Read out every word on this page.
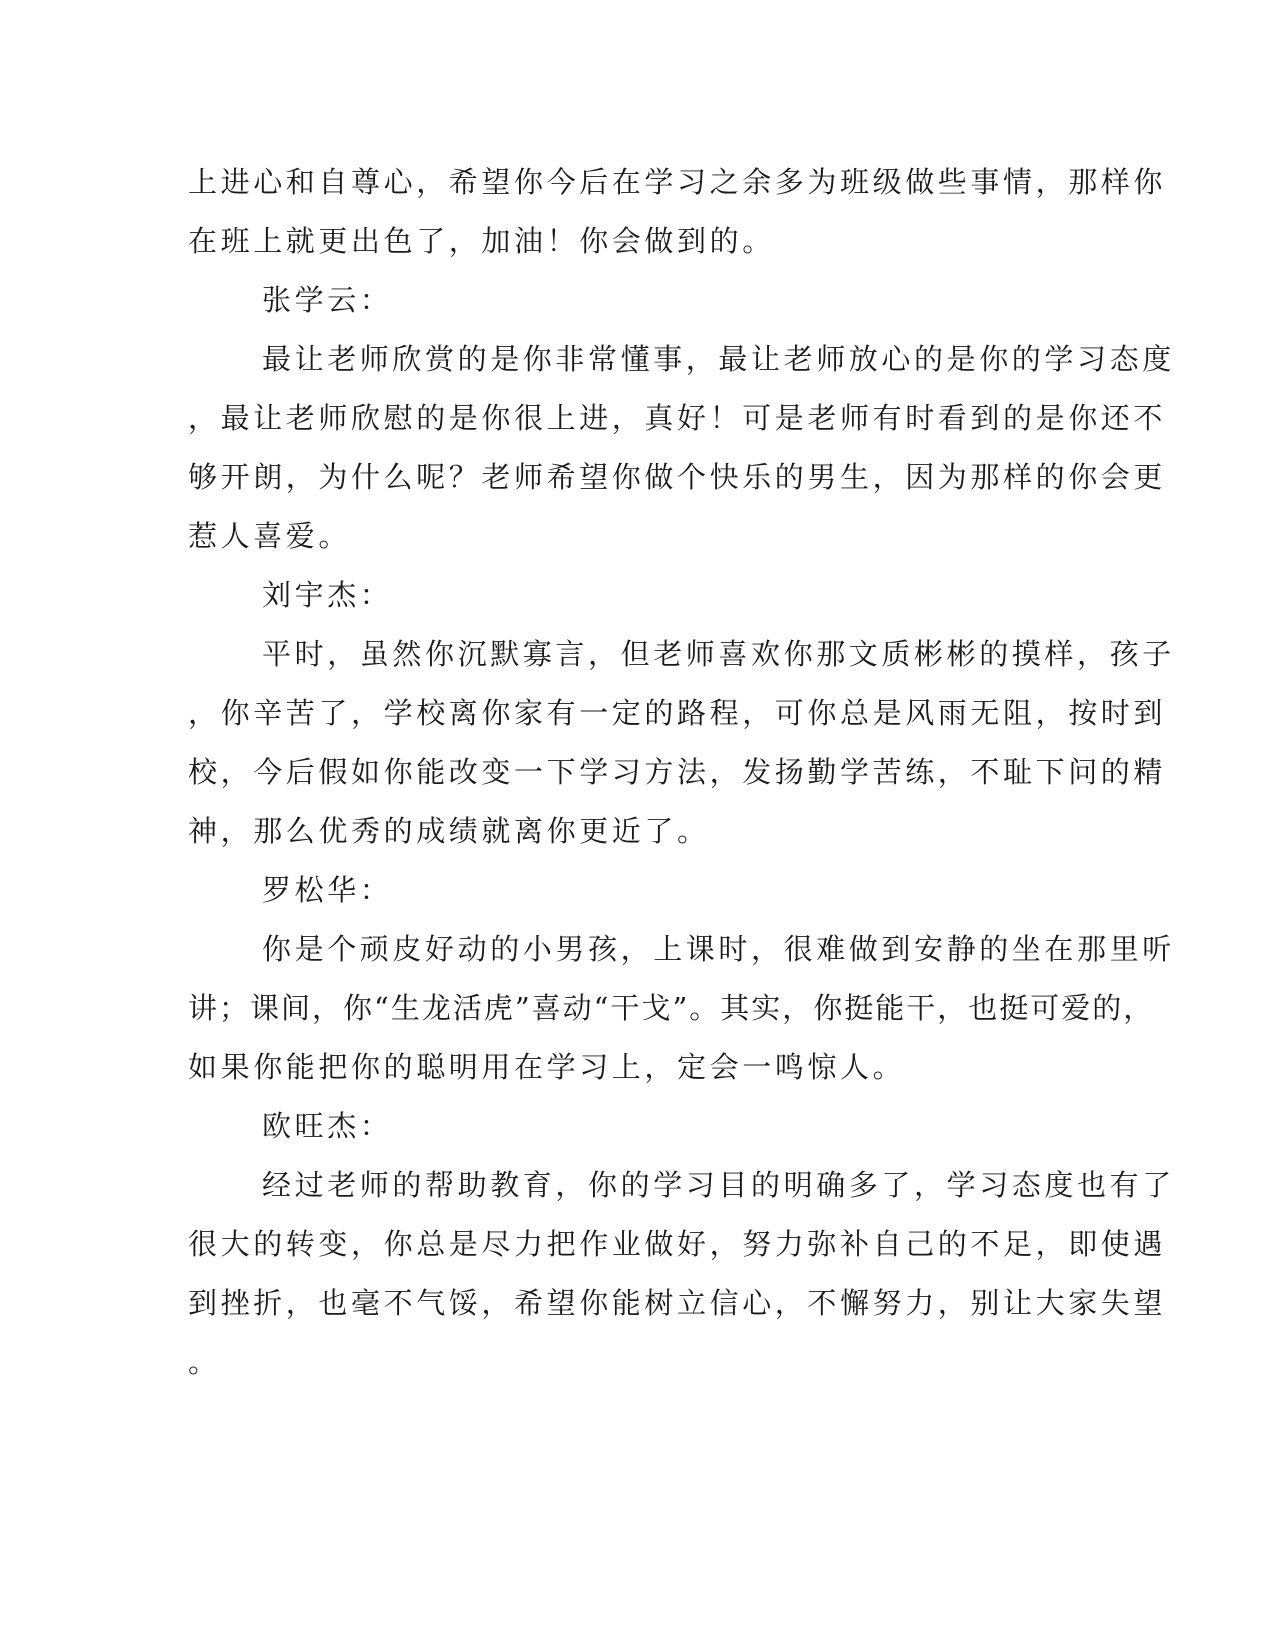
上进心和自尊心，希望你今后在学习之余多为班级做些事情，那样你
在班上就更出色了，加油！你会做到的。
张学云：
最让老师欣赏的是你非常懂事，最让老师放心的是你的学习态度
，最让老师欣慰的是你很上进，真好！可是老师有时看到的是你还不
够开朗，为什么呢？老师希望你做个快乐的男生，因为那样的你会更
惹人喜爱。
刘宇杰：
平时，虽然你沉默寡言，但老师喜欢你那文质彬彬的摸样，孩子
，你辛苦了，学校离你家有一定的路程，可你总是风雨无阻，按时到
校，今后假如你能改变一下学习方法，发扬勤学苦练，不耻下问的精
神，那么优秀的成绩就离你更近了。
罗松华：
你是个顽皮好动的小男孩，上课时，很难做到安静的坐在那里听
讲；课间，你“生龙活虎”喜动“干戈”。其实，你挺能干，也挺可爱的，
如果你能把你的聪明用在学习上，定会一鸣惊人。
欧旺杰：
经过老师的帮助教育，你的学习目的明确多了，学习态度也有了
很大的转变，你总是尽力把作业做好，努力弥补自己的不足，即使遇
到挫折，也毫不气馁，希望你能树立信心，不懈努力，别让大家失望
。
